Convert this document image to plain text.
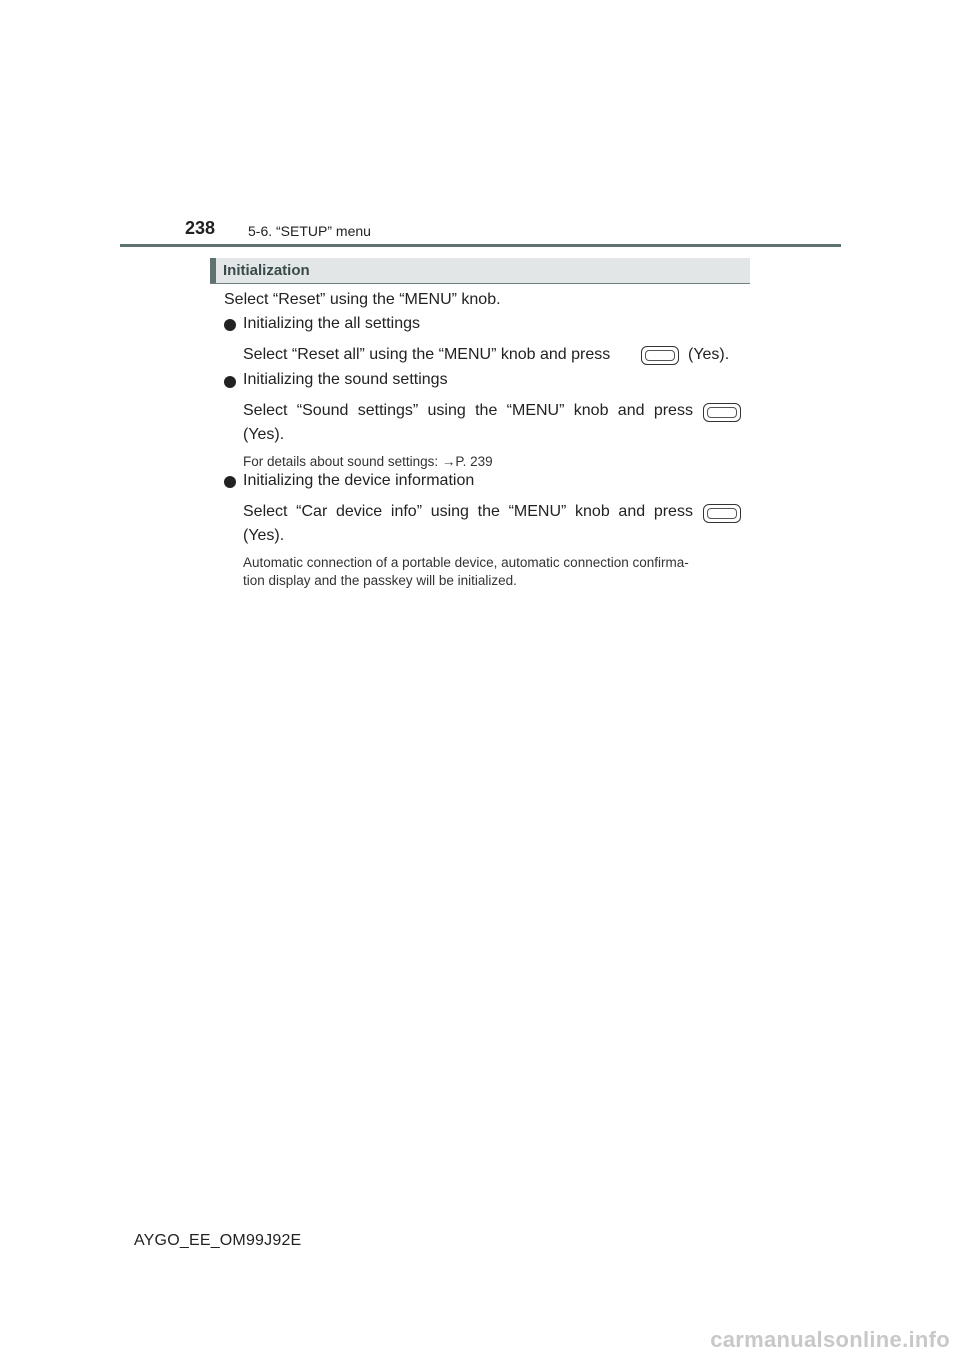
238 5-6. “SETUP” menu
Initialization
Select “Reset” using the “MENU” knob.
Initializing the all settings
Select “Reset all” using the “MENU” knob and press	(Yes).
Initializing the sound settings
Select “Sound settings” using the “MENU” knob and press
(Yes).
For details about sound settings: →P. 239
Initializing the device information
Select “Car device info” using the “MENU” knob and press
(Yes).
Automatic connection of a portable device, automatic connection confirma-
tion display and the passkey will be initialized.
AYGO_EE_OM99J92E
carmanualsonline.info
